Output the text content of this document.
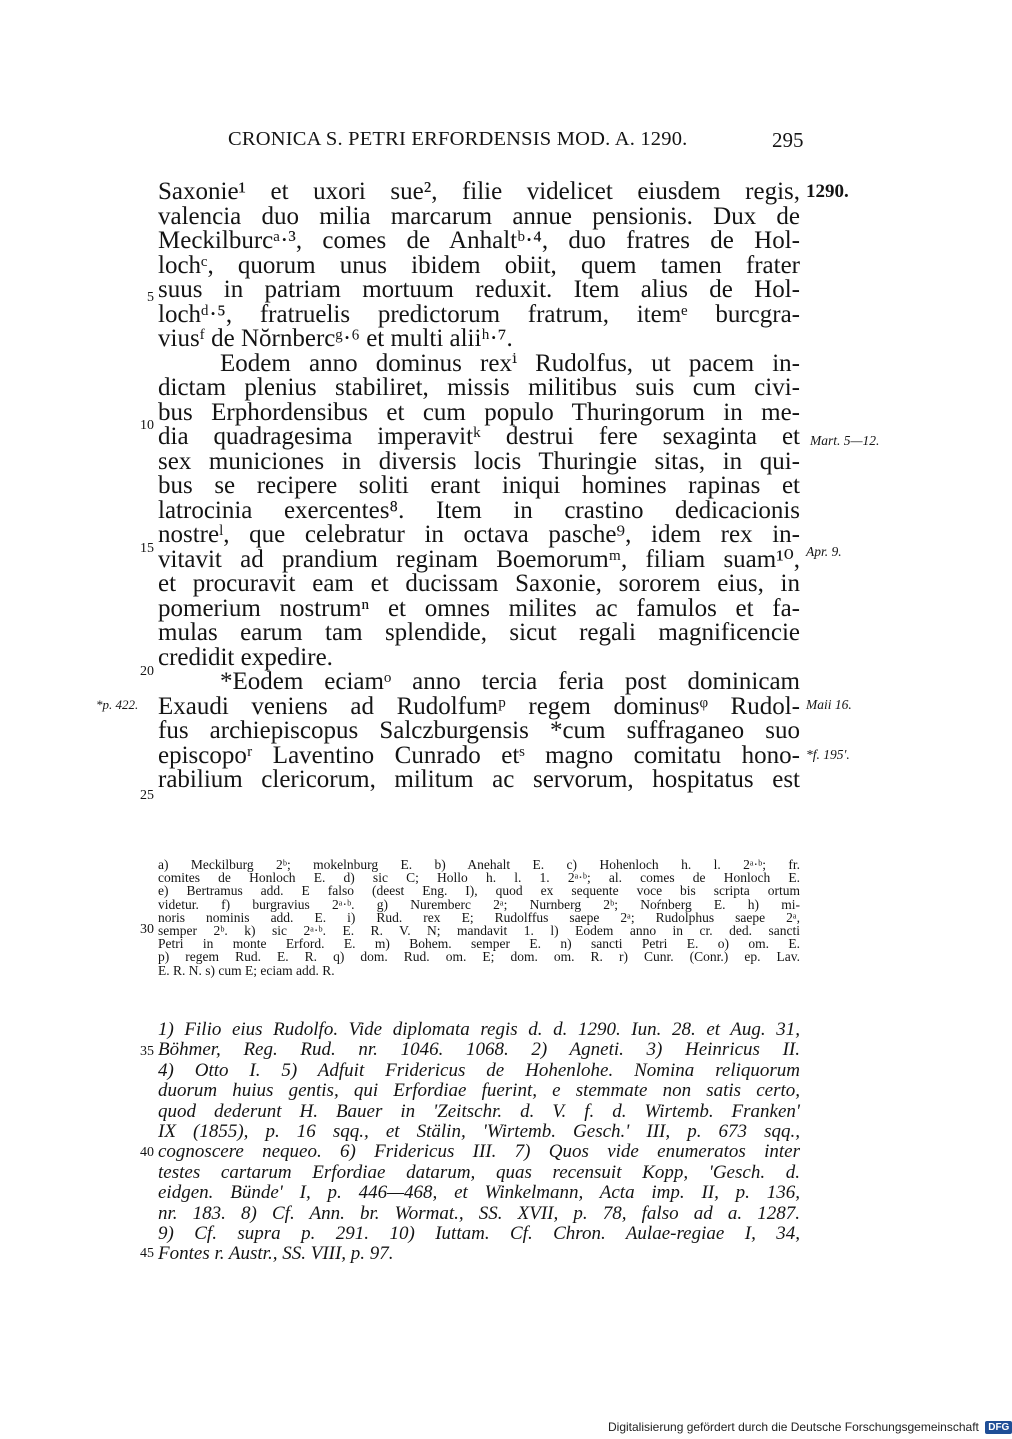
CRONICA S. PETRI ERFORDENSIS MOD. A. 1290.	295
Saxonie¹ et uxori sue², filie videlicet eiusdem regis,
valencia duo milia marcarum annue pensionis. Dux de
Meckilburcᵃ·³, comes de Anhaltᵇ·⁴, duo fratres de Hol-
lochᶜ, quorum unus ibidem obiit, quem tamen frater
suus in patriam mortuum reduxit. Item alius de Hol-
lochᵈ·⁵, fratruelis predictorum fratrum, itemᵉ burcgra-
viusᶠ de Nŏrnbercᵍ·⁶ et multi aliiʰ·⁷.
Eodem anno dominus rexⁱ Rudolfus, ut pacem in-
dictam plenius stabiliret, missis militibus suis cum civi-
bus Erphordensibus et cum populo Thuringorum in me-
dia quadragesima imperavitᵏ destrui fere sexaginta et
sex municiones in diversis locis Thuringie sitas, in qui-
bus se recipere soliti erant iniqui homines rapinas et
latrocinia exercentes⁸. Item in crastino dedicacionis
nostreˡ, que celebratur in octava pasche⁹, idem rex in-
vitavit ad prandium reginam Boemorumᵐ, filiam suam¹⁰,
et procuravit eam et ducissam Saxonie, sororem eius, in
pomerium nostrumⁿ et omnes milites ac famulos et fa-
mulas earum tam splendide, sicut regali magnificencie
credidit expedire.
*Eodem eciamᵒ anno tercia feria post dominicam
Exaudi veniens ad Rudolfumᵖ regem dominusᵠ Rudol-
fus archiepiscopus Salczburgensis *cum suffraganeo suo
episcopoʳ Laventino Cunrado etˢ magno comitatu hono-
rabilium clericorum, militum ac servorum, hospitatus est
5
10
15
20
25
30
35
40
45
1290.
Mart. 5—12.
Apr. 9.
Maii 16.
*f. 195'.
*p. 422.
a) Meckilburg 2ᵇ; mokelnburg E. b) Anehalt E. c) Hohenloch h. l. 2ᵃ·ᵇ; fr.
comites de Honloch E. d) sic C; Hollo h. l. 1. 2ᵃ·ᵇ; al. comes de Honloch E.
e) Bertramus add. E falso (deest Eng. I), quod ex sequente voce bis scripta ortum
videtur. f) burgravius 2ᵃ·ᵇ. g) Nuremberc 2ᵃ; Nurnberg 2ᵇ; Noŕnberg E. h) mi-
noris nominis add. E. i) Rud. rex E; Rudolffus saepe 2ᵃ; Rudolphus saepe 2ᵃ,
semper 2ᵇ. k) sic 2ᵃ·ᵇ. E. R. V. N; mandavit 1. l) Eodem anno in cr. ded. sancti
Petri in monte Erford. E. m) Bohem. semper E. n) sancti Petri E. o) om. E.
p) regem Rud. E. R. q) dom. Rud. om. E; dom. om. R. r) Cunr. (Conr.) ep. Lav.
E. R. N. s) cum E; eciam add. R.
1) Filio eius Rudolfo. Vide diplomata regis d. d. 1290. Iun. 28. et Aug. 31,
Böhmer, Reg. Rud. nr. 1046. 1068. 2) Agneti. 3) Heinricus II.
4) Otto I. 5) Adfuit Fridericus de Hohenlohe. Nomina reliquorum
duorum huius gentis, qui Erfordiae fuerint, e stemmate non satis certo,
quod dederunt H. Bauer in 'Zeitschr. d. V. f. d. Wirtemb. Franken'
IX (1855), p. 16 sqq., et Stälin, 'Wirtemb. Gesch.' III, p. 673 sqq.,
cognoscere nequeo. 6) Fridericus III. 7) Quos vide enumeratos inter
testes cartarum Erfordiae datarum, quas recensuit Kopp, 'Gesch. d.
eidgen. Bünde' I, p. 446—468, et Winkelmann, Acta imp. II, p. 136,
nr. 183. 8) Cf. Ann. br. Wormat., SS. XVII, p. 78, falso ad a. 1287.
9) Cf. supra p. 291. 10) Iuttam. Cf. Chron. Aulae-regiae I, 34,
Fontes r. Austr., SS. VIII, p. 97.
Digitalisierung gefördert durch die Deutsche Forschungsgemeinschaft DFG
